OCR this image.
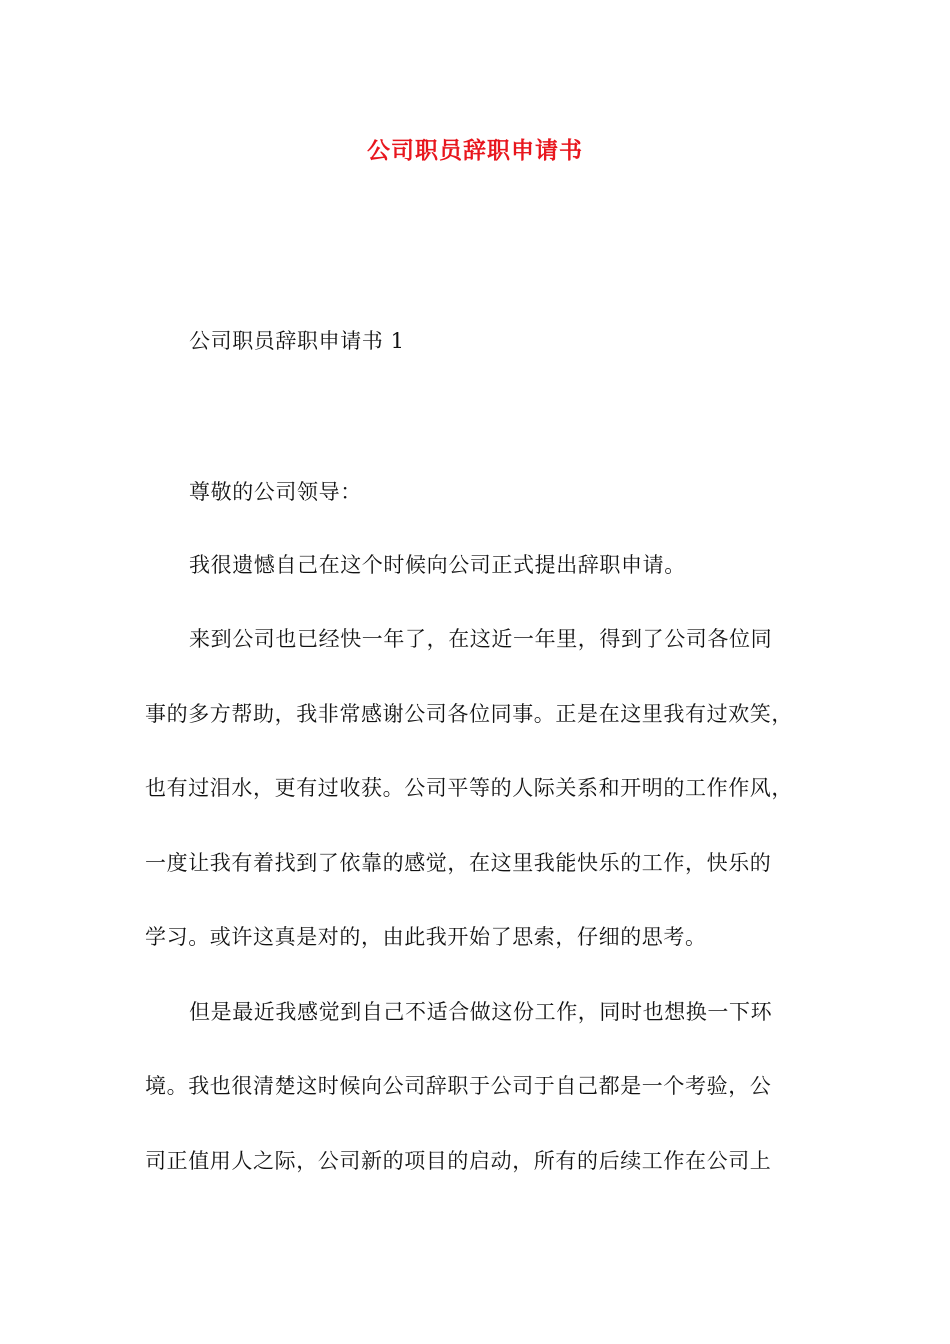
公司职员辞职申请书
公司职员辞职申请书 1
尊敬的公司领导：
我很遗憾自己在这个时候向公司正式提出辞职申请。
来到公司也已经快一年了，在这近一年里，得到了公司各位同
事的多方帮助，我非常感谢公司各位同事。正是在这里我有过欢笑，
也有过泪水，更有过收获。公司平等的人际关系和开明的工作作风，
一度让我有着找到了依靠的感觉，在这里我能快乐的工作，快乐的
学习。或许这真是对的，由此我开始了思索，仔细的思考。
但是最近我感觉到自己不适合做这份工作，同时也想换一下环
境。我也很清楚这时候向公司辞职于公司于自己都是一个考验，公
司正值用人之际，公司新的项目的启动，所有的后续工作在公司上
